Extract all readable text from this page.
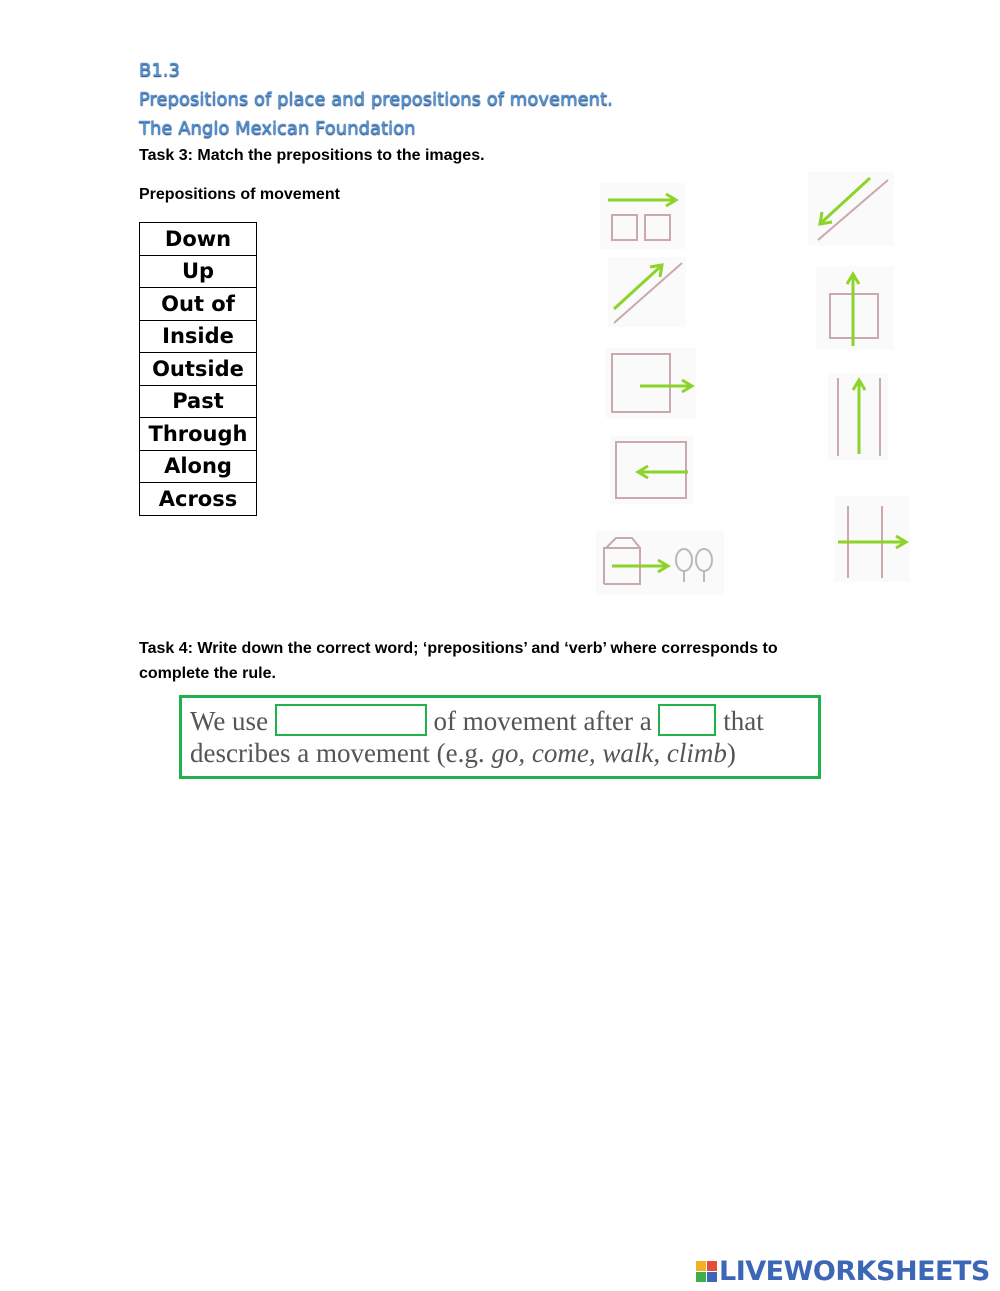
B1.3
Prepositions of place and prepositions of movement.
The Anglo Mexican Foundation
Task 3: Match the prepositions to the images.
Prepositions of movement
Down
Up
Out of
Inside
Outside
Past
Through
Along
Across
Task 4: Write down the correct word; ‘prepositions’ and ‘verb’ where corresponds to complete the rule.
We use	of movement after a	that
describes a movement (e.g. go, come, walk, climb)
LIVEWORKSHEETS
